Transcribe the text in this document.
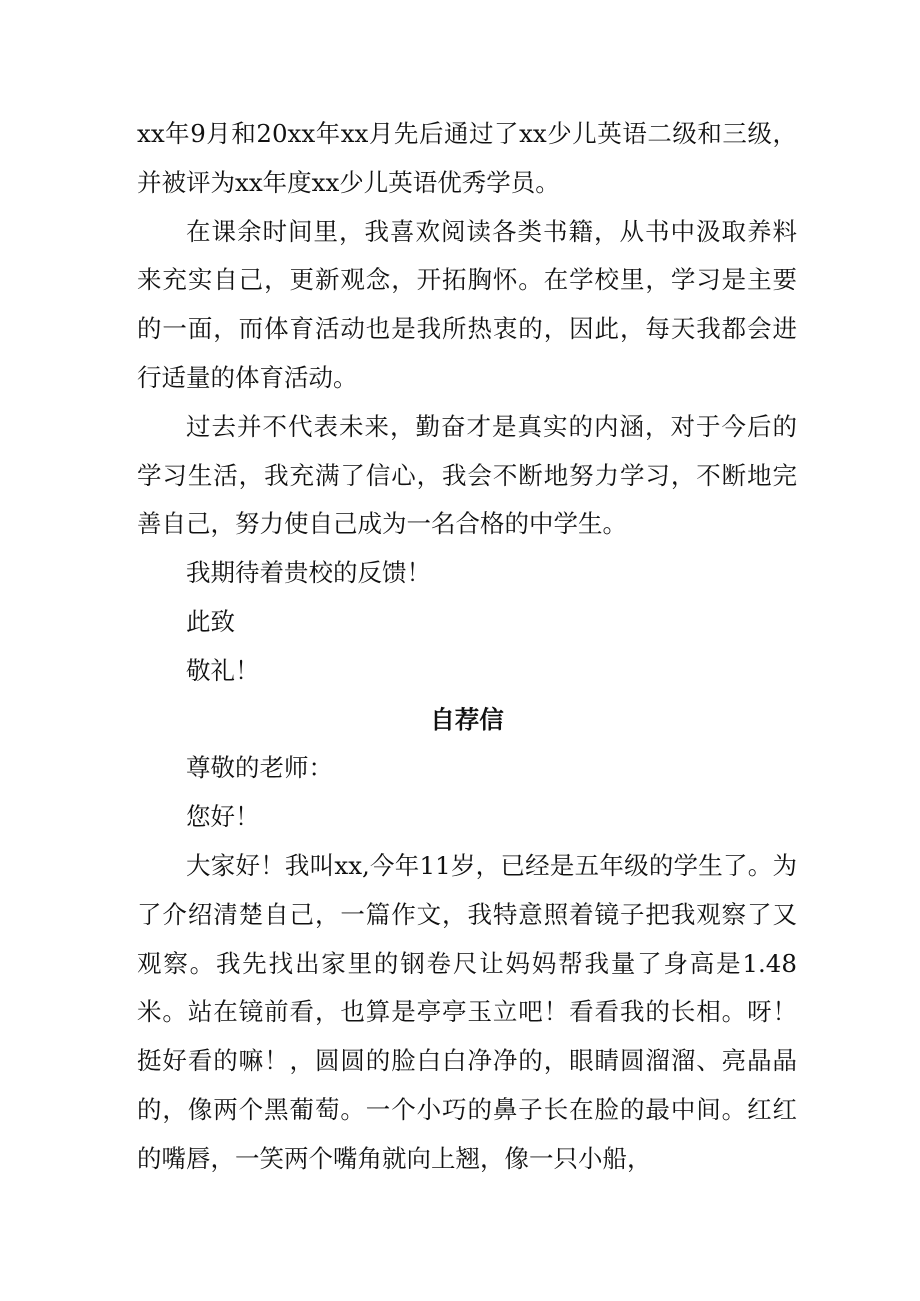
xx年9月和20xx年xx月先后通过了xx少儿英语二级和三级，并被评为xx年度xx少儿英语优秀学员。

在课余时间里，我喜欢阅读各类书籍，从书中汲取养料来充实自己，更新观念，开拓胸怀。在学校里，学习是主要的一面，而体育活动也是我所热衷的，因此，每天我都会进行适量的体育活动。

过去并不代表未来，勤奋才是真实的内涵，对于今后的学习生活，我充满了信心，我会不断地努力学习，不断地完善自己，努力使自己成为一名合格的中学生。

我期待着贵校的反馈！

此致

敬礼！

自荐信

尊敬的老师：

您好！

大家好！我叫xx,今年11岁，已经是五年级的学生了。为了介绍清楚自己，一篇作文，我特意照着镜子把我观察了又观察。我先找出家里的钢卷尺让妈妈帮我量了身高是1.48米。站在镜前看，也算是亭亭玉立吧！看看我的长相。呀！挺好看的嘛！，圆圆的脸白白净净的，眼睛圆溜溜、亮晶晶的，像两个黑葡萄。一个小巧的鼻子长在脸的最中间。红红的嘴唇，一笑两个嘴角就向上翘，像一只小船，
